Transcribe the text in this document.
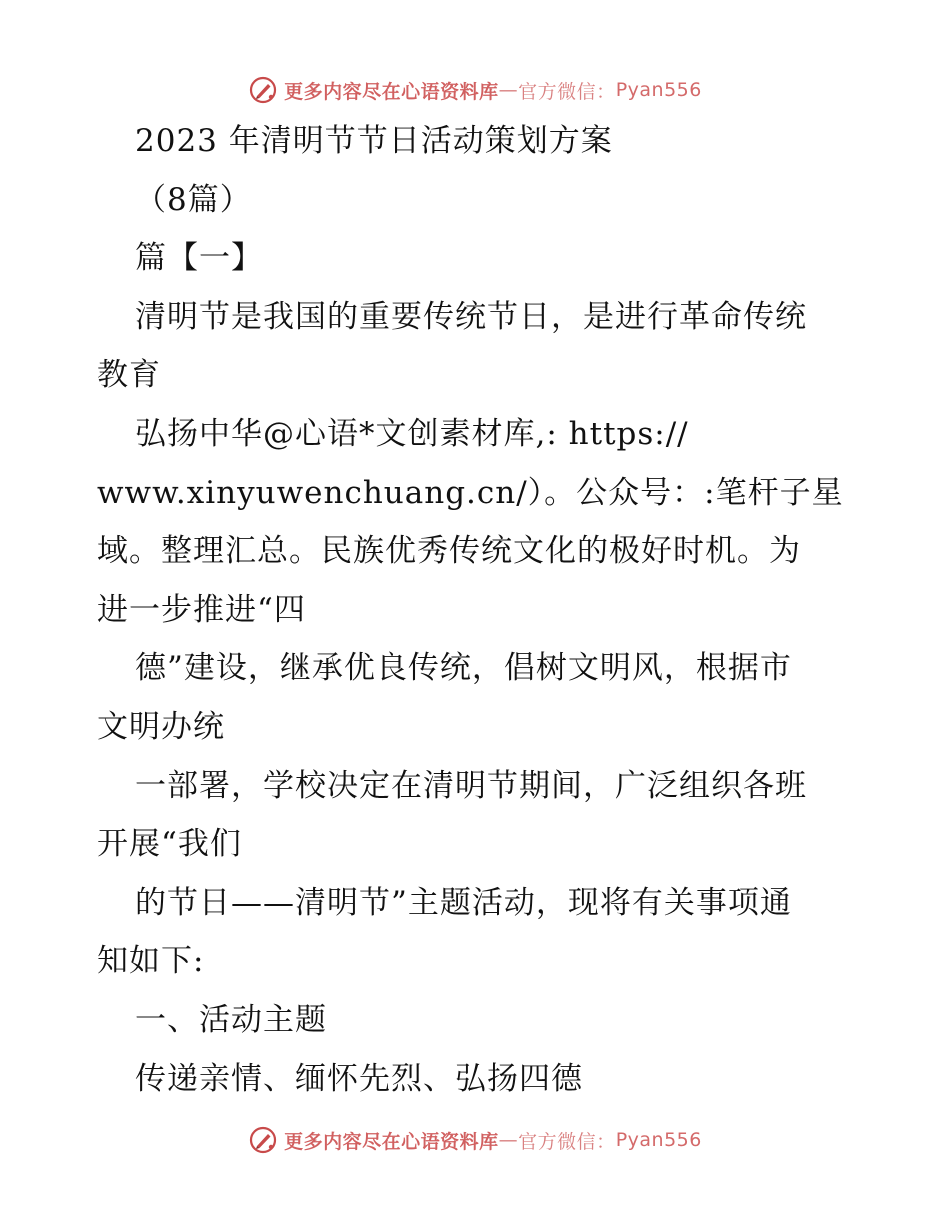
更多内容尽在心语资料库 — 官方微信： Pyan556
2023 年清明节节日活动策划方案
（8篇）
篇【一】
清明节是我国的重要传统节日，是进行革命传统
教育
弘扬中华@心语*文创素材库,: https://
www.xinyuwenchuang.cn/）。公众号：:笔杆子星
域。整理汇总。民族优秀传统文化的极好时机。为
进一步推进“四
德”建设，继承优良传统，倡树文明风，根据市
文明办统
一部署，学校决定在清明节期间，广泛组织各班
开展“我们
的节日——清明节”主题活动，现将有关事项通
知如下:
一、活动主题
传递亲情、缅怀先烈、弘扬四德
更多内容尽在心语资料库 — 官方微信： Pyan556
